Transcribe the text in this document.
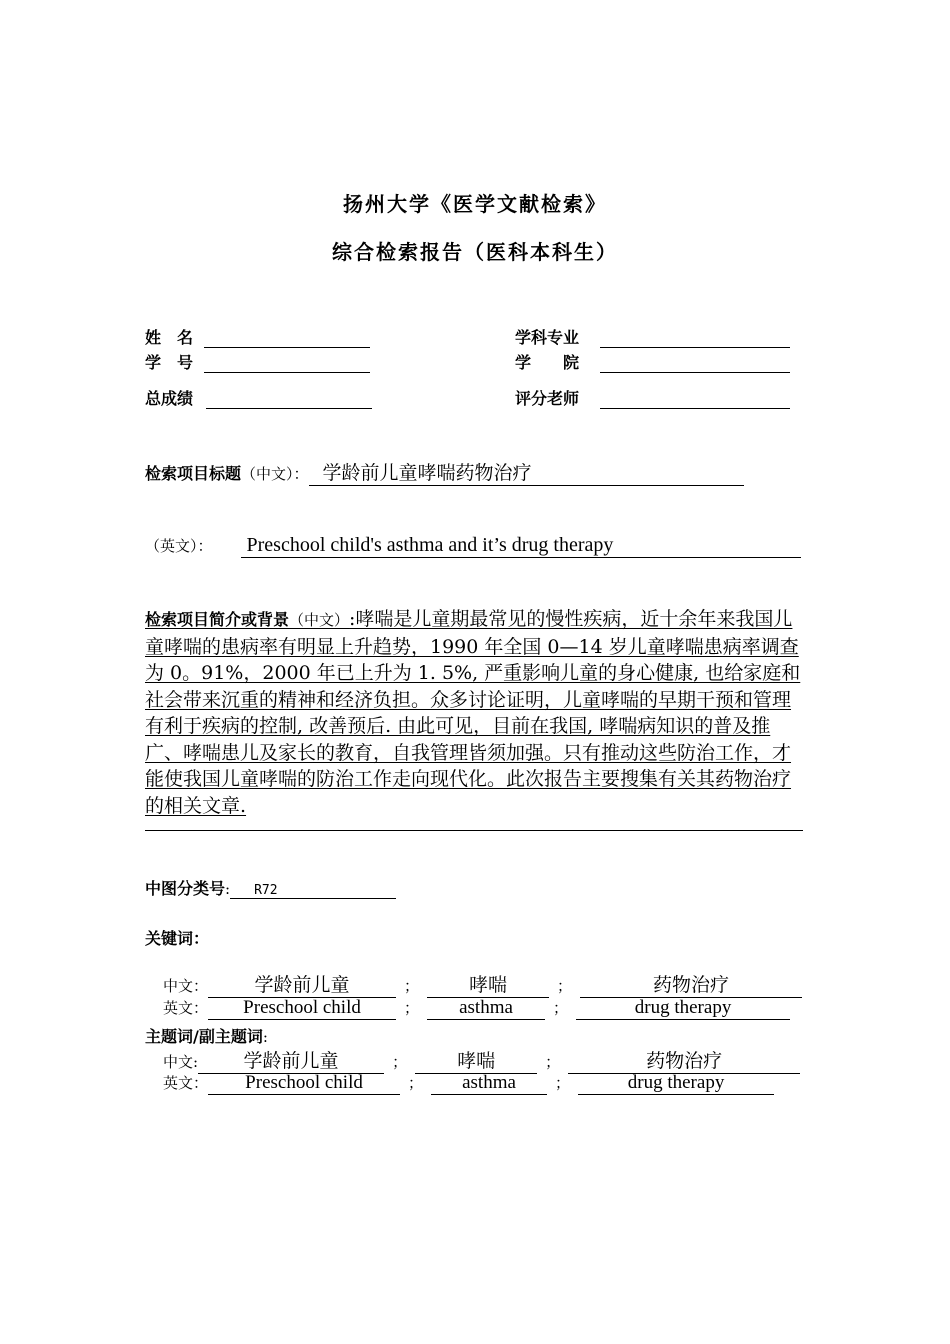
扬州大学《医学文献检索》
综合检索报告（医科本科生）
姓　名	学科专业
学　号	学　　院
总成绩	评分老师
检索项目标题（中文）： 学龄前儿童哮喘药物治疗
（英文）： Preschool child's asthma and it’s drug therapy
检索项目简介或背景（中文）:哮喘是儿童期最常见的慢性疾病，近十余年来我国儿童哮喘的患病率有明显上升趋势，1990 年全国 0—14 岁儿童哮喘患病率调查为 0。91%，2000 年已上升为 1. 5%, 严重影响儿童的身心健康, 也给家庭和社会带来沉重的精神和经济负担。众多讨论证明，儿童哮喘的早期干预和管理有利于疾病的控制, 改善预后. 由此可见，目前在我国, 哮喘病知识的普及推广、哮喘患儿及家长的教育，自我管理皆须加强。只有推动这些防治工作，才能使我国儿童哮喘的防治工作走向现代化。此次报告主要搜集有关其药物治疗的相关文章.
中图分类号: R72
关键词：
中文： 学龄前儿童	；	哮喘	；	药物治疗
英文： Preschool child	； asthma	；	drug therapy
主题词/副主题词:
中文: 学龄前儿童	；	哮喘	；	药物治疗
英文： Preschool child	； asthma	；	drug therapy
